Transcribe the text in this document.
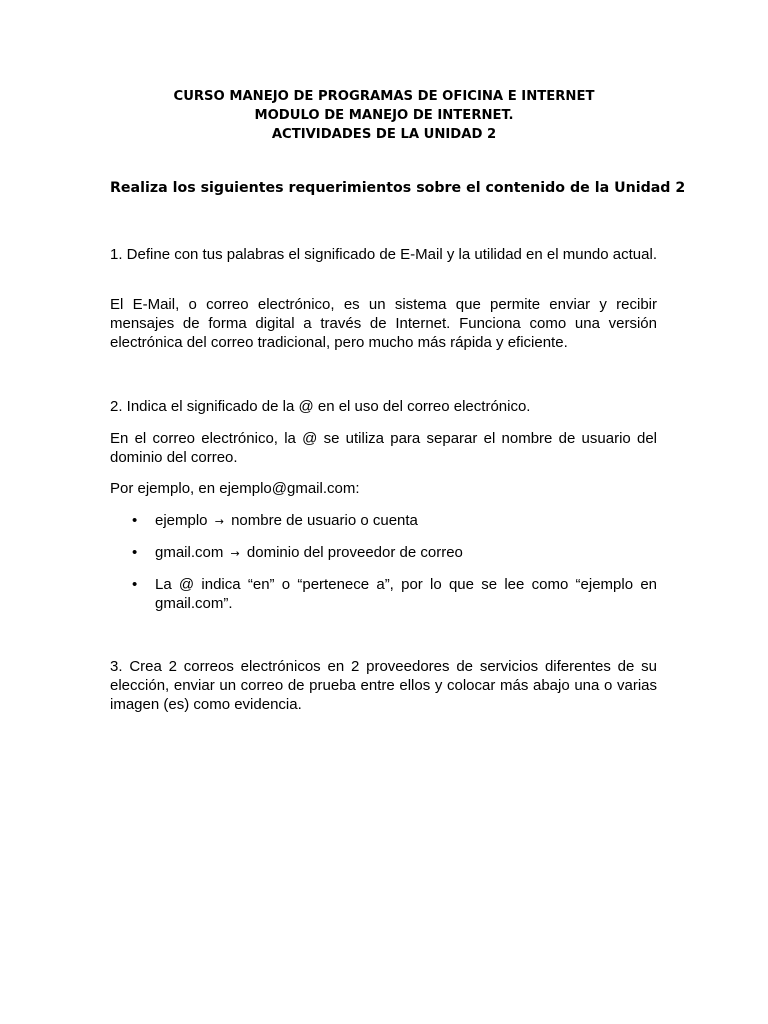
CURSO MANEJO DE PROGRAMAS DE OFICINA E INTERNET
MODULO DE MANEJO DE INTERNET.
ACTIVIDADES DE LA UNIDAD 2
Realiza los siguientes requerimientos sobre el contenido de la Unidad 2

1. Define con tus palabras el significado de E-Mail y la utilidad en el mundo actual.

El E-Mail, o correo electrónico, es un sistema que permite enviar y recibir mensajes de forma digital a través de Internet. Funciona como una versión electrónica del correo tradicional, pero mucho más rápida y eficiente.

2. Indica el significado de la @ en el uso del correo electrónico.

En el correo electrónico, la @ se utiliza para separar el nombre de usuario del dominio del correo.

Por ejemplo, en ejemplo@gmail.com:

• ejemplo → nombre de usuario o cuenta
• gmail.com → dominio del proveedor de correo
• La @ indica “en” o “pertenece a”, por lo que se lee como “ejemplo en gmail.com”.

3. Crea 2 correos electrónicos en 2 proveedores de servicios diferentes de su elección, enviar un correo de prueba entre ellos y colocar más abajo una o varias imagen (es) como evidencia.
